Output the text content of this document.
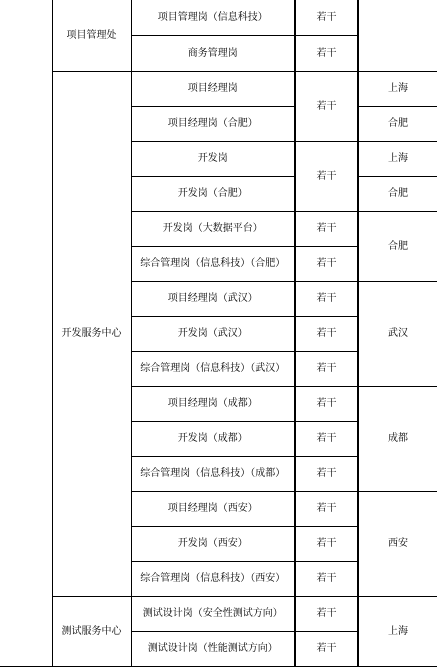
	项目管理处	项目管理岗（信息科技）	若干	
		商务管理岗	若干	
	开发服务中心	项目经理岗	若干	上海
		项目经理岗（合肥）		合肥
		开发岗	若干	上海
		开发岗（合肥）		合肥
		开发岗（大数据平台）	若干	合肥
		综合管理岗（信息科技）（合肥）	若干	
		项目经理岗（武汉）	若干	武汉
		开发岗（武汉）	若干	
		综合管理岗（信息科技）（武汉）	若干	
		项目经理岗（成都）	若干	成都
		开发岗（成都）	若干	
		综合管理岗（信息科技）（成都）	若干	
		项目经理岗（西安）	若干	西安
		开发岗（西安）	若干	
		综合管理岗（信息科技）（西安）	若干	
	测试服务中心	测试设计岗（安全性测试方向）	若干	上海
		测试设计岗（性能测试方向）	若干	
